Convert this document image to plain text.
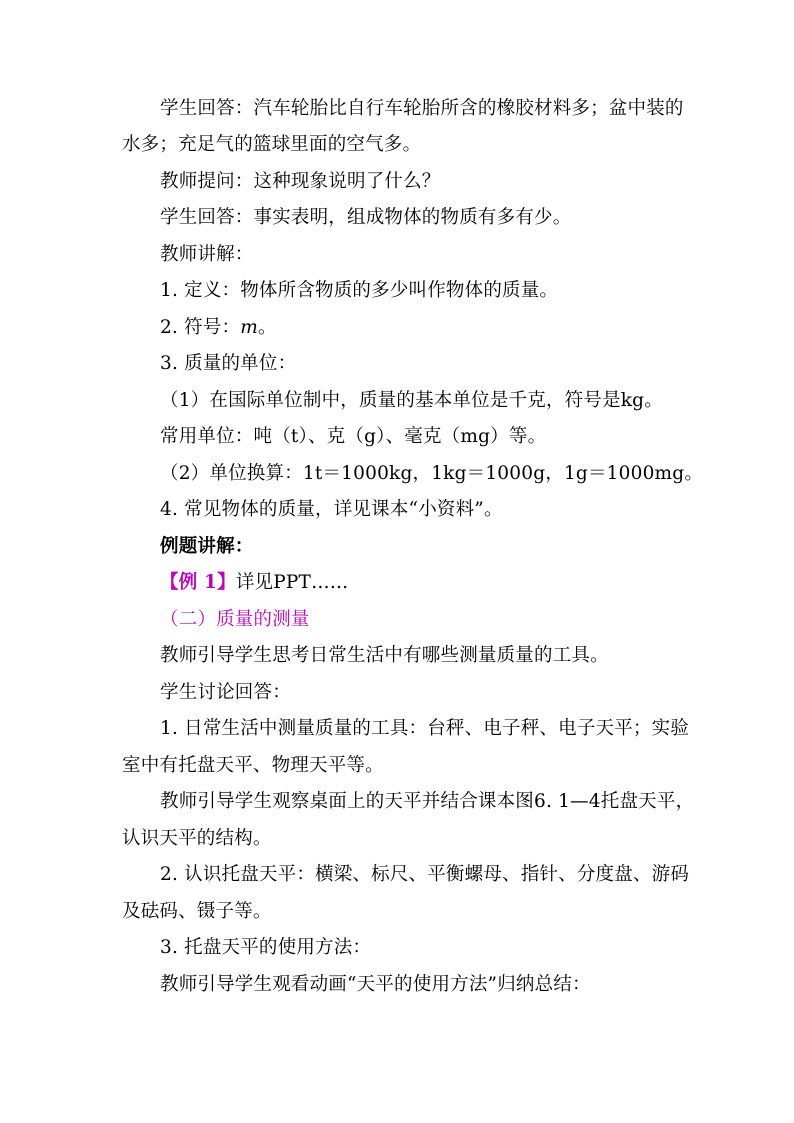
学生回答：汽车轮胎比自行车轮胎所含的橡胶材料多；盆中装的
水多；充足气的篮球里面的空气多。
教师提问：这种现象说明了什么？
学生回答：事实表明，组成物体的物质有多有少。
教师讲解：
1. 定义：物体所含物质的多少叫作物体的质量。
2. 符号：m。
3. 质量的单位：
（1）在国际单位制中，质量的基本单位是千克，符号是kg。
常用单位：吨（t）、克（g）、毫克（mg）等。
（2）单位换算：1t＝1000kg，1kg＝1000g，1g＝1000mg。
4. 常见物体的质量，详见课本“小资料”。
例题讲解：
【例 1】详见PPT……
（二）质量的测量
教师引导学生思考日常生活中有哪些测量质量的工具。
学生讨论回答：
1. 日常生活中测量质量的工具：台秤、电子秤、电子天平；实验
室中有托盘天平、物理天平等。
教师引导学生观察桌面上的天平并结合课本图6. 1—4托盘天平，
认识天平的结构。
2. 认识托盘天平：横梁、标尺、平衡螺母、指针、分度盘、游码
及砝码、镊子等。
3. 托盘天平的使用方法：
教师引导学生观看动画“天平的使用方法”归纳总结：
